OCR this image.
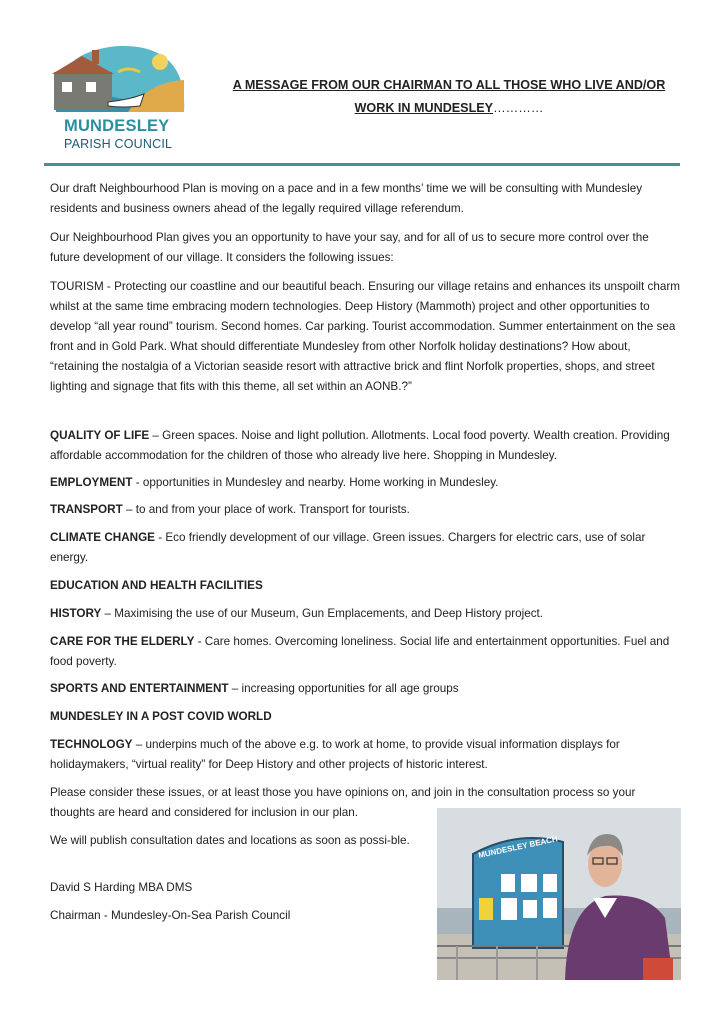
MUNDESLEY
PARISH COUNCIL
A MESSAGE FROM OUR CHAIRMAN TO ALL THOSE WHO LIVE AND/OR
WORK IN MUNDESLEY…………

Our draft Neighbourhood Plan is moving on a pace and in a few months’ time we will be consulting with Mundesley residents and business owners ahead of the legally required village referendum.

Our Neighbourhood Plan gives you an opportunity to have your say, and for all of us to secure more control over the future development of our village. It considers the following issues:

TOURISM - Protecting our coastline and our beautiful beach. Ensuring our village retains and enhances its unspoilt charm whilst at the same time embracing modern technologies. Deep History (Mammoth) project and other opportunities to develop “all year round” tourism. Second homes. Car parking. Tourist accommodation. Summer entertainment on the sea front and in Gold Park. What should differentiate Mundesley from other Norfolk holiday destinations? How about, “retaining the nostalgia of a Victorian seaside resort with attractive brick and flint Norfolk properties, shops, and street lighting and signage that fits with this theme, all set within an AONB.?”

QUALITY OF LIFE – Green spaces. Noise and light pollution. Allotments. Local food poverty. Wealth creation. Providing affordable accommodation for the children of those who already live here. Shopping in Mundesley.

EMPLOYMENT - opportunities in Mundesley and nearby. Home working in Mundesley.

TRANSPORT – to and from your place of work. Transport for tourists.

CLIMATE CHANGE - Eco friendly development of our village. Green issues. Chargers for electric cars, use of solar energy.

EDUCATION AND HEALTH FACILITIES

HISTORY – Maximising the use of our Museum, Gun Emplacements, and Deep History project.

CARE FOR THE ELDERLY - Care homes. Overcoming loneliness. Social life and entertainment opportunities. Fuel and food poverty.

SPORTS AND ENTERTAINMENT – increasing opportunities for all age groups

MUNDESLEY IN A POST COVID WORLD

TECHNOLOGY – underpins much of the above e.g. to work at home, to provide visual information displays for holidaymakers, “virtual reality” for Deep History and other projects of historic interest.

Please consider these issues, or at least those you have opinions on, and join in the consultation process so your thoughts are heard and considered for inclusion in our plan.

We will publish consultation dates and locations as soon as possi-ble.

David S Harding MBA DMS

Chairman - Mundesley-On-Sea Parish Council

MUNDESLEY BEACH
